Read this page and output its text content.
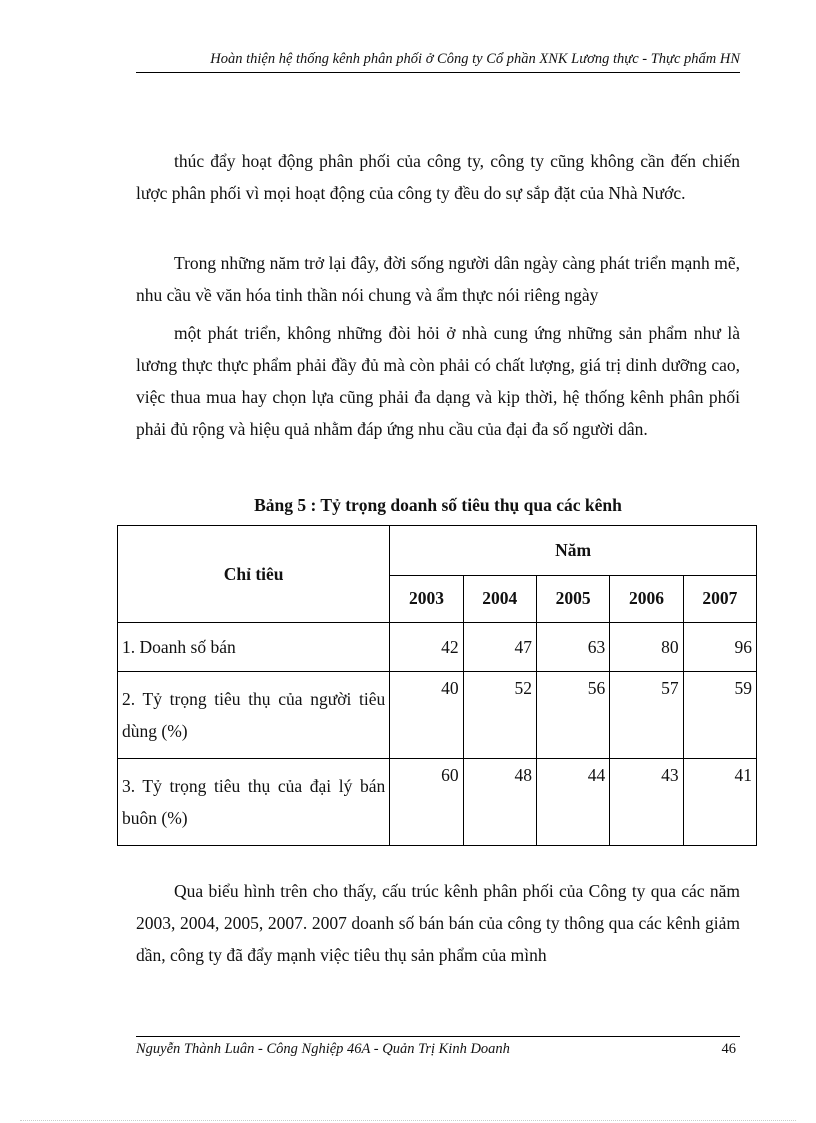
Hoàn thiện hệ thống kênh phân phối ở Công ty Cổ phần XNK Lương thực - Thực phẩm HN

thúc đẩy hoạt động phân phối của công ty, công ty cũng không cần đến chiến lược phân phối vì mọi hoạt động của công ty đều do sự sắp đặt của Nhà Nước.

Trong những năm trở lại đây, đời sống người dân ngày càng phát triển mạnh mẽ, nhu cầu về văn hóa tinh thần nói chung và ẩm thực nói riêng ngày

một phát triển, không những đòi hỏi ở nhà cung ứng những sản phẩm như là lương thực thực phẩm phải đầy đủ mà còn phải có chất lượng, giá trị dinh dưỡng cao, việc thua mua hay chọn lựa cũng phải đa dạng và kịp thời, hệ thống kênh phân phối phải đủ rộng và hiệu quả nhằm đáp ứng nhu cầu của đại đa số người dân.

Bảng 5 : Tỷ trọng doanh số tiêu thụ qua các kênh
Chỉ tiêu	Năm				
	2003	2004	2005	2006	2007
1. Doanh số bán	42	47	63	80	96
2. Tỷ trọng tiêu thụ của người tiêu dùng (%)	40	52	56	57	59
3. Tỷ trọng tiêu thụ của đại lý bán buôn (%)	60	48	44	43	41

Qua biểu hình trên cho thấy, cấu trúc kênh phân phối của Công ty qua các năm 2003, 2004, 2005, 2007. 2007 doanh số bán bán của công ty thông qua các kênh giảm dần, công ty đã đẩy mạnh việc tiêu thụ sản phẩm của mình

Nguyễn Thành Luân - Công Nghiệp 46A - Quản Trị Kinh Doanh	46
